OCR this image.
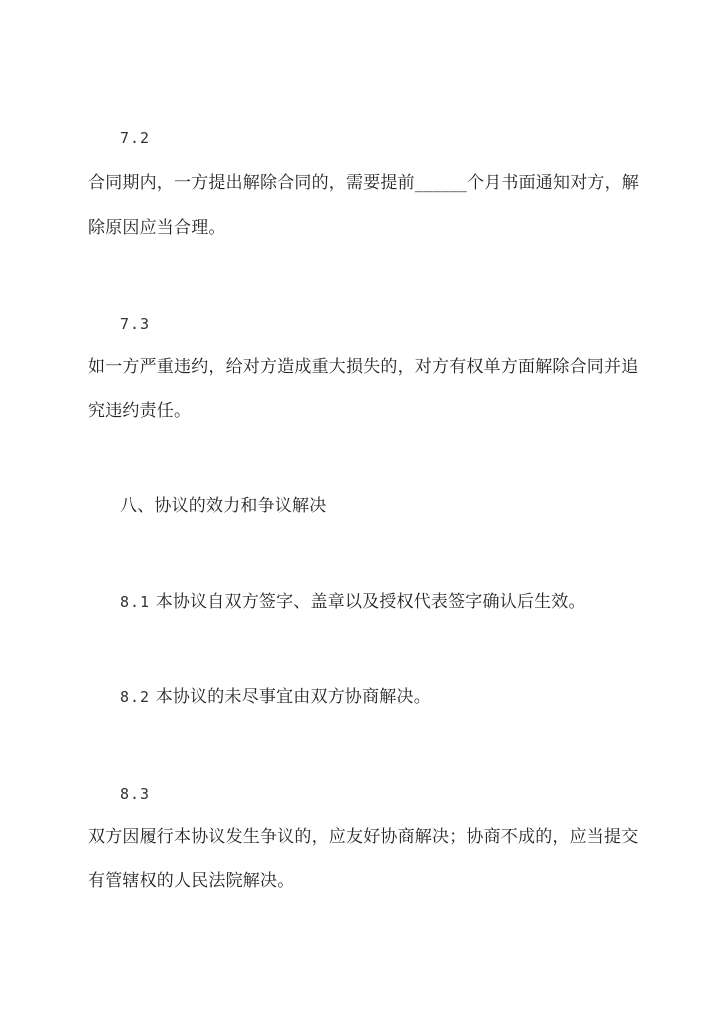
7.2
合同期内，一方提出解除合同的，需要提前______个月书面通知对方，解
除原因应当合理。
7.3
如一方严重违约，给对方造成重大损失的，对方有权单方面解除合同并追
究违约责任。
八、协议的效力和争议解决
8.1 本协议自双方签字、盖章以及授权代表签字确认后生效。
8.2 本协议的未尽事宜由双方协商解决。
8.3
双方因履行本协议发生争议的，应友好协商解决；协商不成的，应当提交
有管辖权的人民法院解决。
